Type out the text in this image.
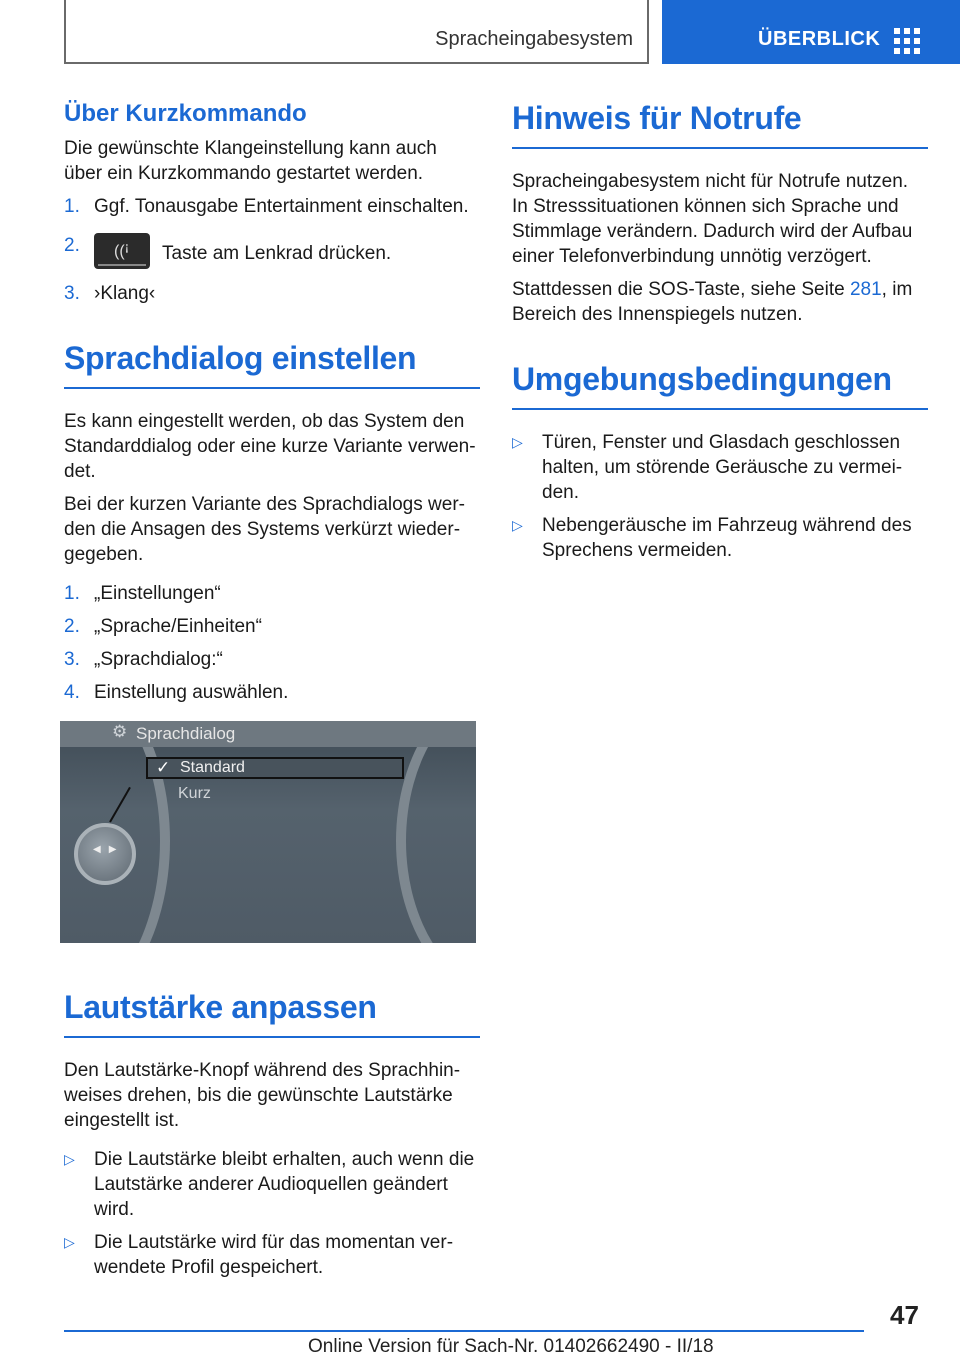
Spracheingabesystem	ÜBERBLICK
Über Kurzkommando

Die gewünschte Klangeinstellung kann auch über ein Kurzkommando gestartet werden.

1. Ggf. Tonausgabe Entertainment einschalten.
2. ((ꜟ Taste am Lenkrad drücken.
3. ›Klang‹
Sprachdialog einstellen

Es kann eingestellt werden, ob das System den Standarddialog oder eine kurze Variante verwen-det.

Bei der kurzen Variante des Sprachdialogs wer-den die Ansagen des Systems verkürzt wieder-gegeben.

1. „Einstellungen“
2. „Sprache/Einheiten“
3. „Sprachdialog:“
4. Einstellung auswählen.
⚙ Sprachdialog
✓ Standard
Kurz
◀▶
Lautstärke anpassen

Den Lautstärke-Knopf während des Sprachhin-weises drehen, bis die gewünschte Lautstärke eingestellt ist.

▷ Die Lautstärke bleibt erhalten, auch wenn die Lautstärke anderer Audioquellen geändert wird.
▷ Die Lautstärke wird für das momentan ver-wendete Profil gespeichert.
Hinweis für Notrufe

Spracheingabesystem nicht für Notrufe nutzen. In Stresssituationen können sich Sprache und Stimmlage verändern. Dadurch wird der Aufbau einer Telefonverbindung unnötig verzögert.

Stattdessen die SOS-Taste, siehe Seite 281, im Bereich des Innenspiegels nutzen.

Umgebungsbedingungen
▷ Türen, Fenster und Glasdach geschlossen halten, um störende Geräusche zu vermei-den.
▷ Nebengeräusche im Fahrzeug während des Sprechens vermeiden.
47
Online Version für Sach-Nr. 01402662490 - II/18
